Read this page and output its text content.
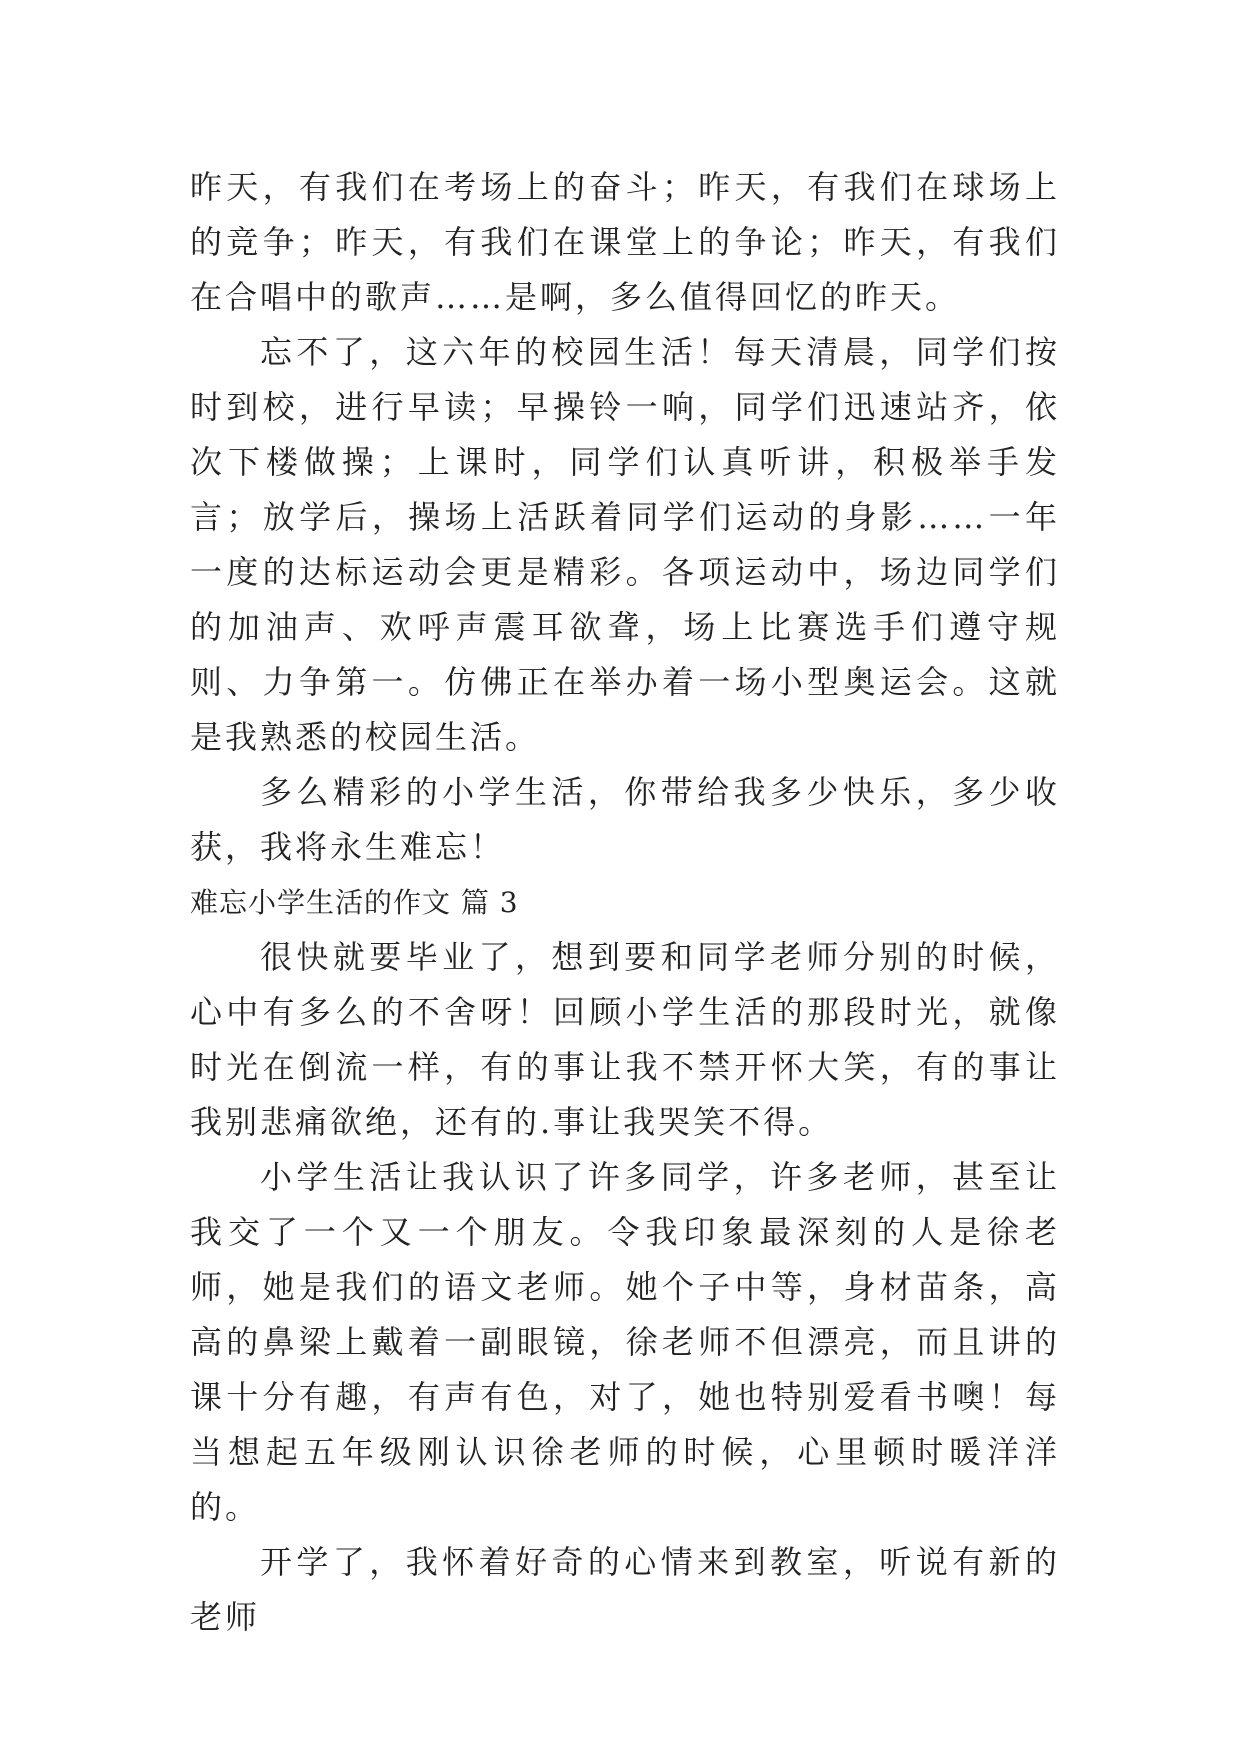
昨天，有我们在考场上的奋斗；昨天，有我们在球场上的竞争；昨天，有我们在课堂上的争论；昨天，有我们在合唱中的歌声……是啊，多么值得回忆的昨天。

忘不了，这六年的校园生活！每天清晨，同学们按时到校，进行早读；早操铃一响，同学们迅速站齐，依次下楼做操；上课时，同学们认真听讲，积极举手发言；放学后，操场上活跃着同学们运动的身影……一年一度的达标运动会更是精彩。各项运动中，场边同学们的加油声、欢呼声震耳欲聋，场上比赛选手们遵守规则、力争第一。仿佛正在举办着一场小型奥运会。这就是我熟悉的校园生活。

多么精彩的小学生活，你带给我多少快乐，多少收获，我将永生难忘！

难忘小学生活的作文 篇 3

很快就要毕业了，想到要和同学老师分别的时候，心中有多么的不舍呀！回顾小学生活的那段时光，就像时光在倒流一样，有的事让我不禁开怀大笑，有的事让我别悲痛欲绝，还有的.事让我哭笑不得。

小学生活让我认识了许多同学，许多老师，甚至让我交了一个又一个朋友。令我印象最深刻的人是徐老师，她是我们的语文老师。她个子中等，身材苗条，高高的鼻梁上戴着一副眼镜，徐老师不但漂亮，而且讲的课十分有趣，有声有色，对了，她也特别爱看书噢！每当想起五年级刚认识徐老师的时候，心里顿时暖洋洋的。

开学了，我怀着好奇的心情来到教室，听说有新的老师
